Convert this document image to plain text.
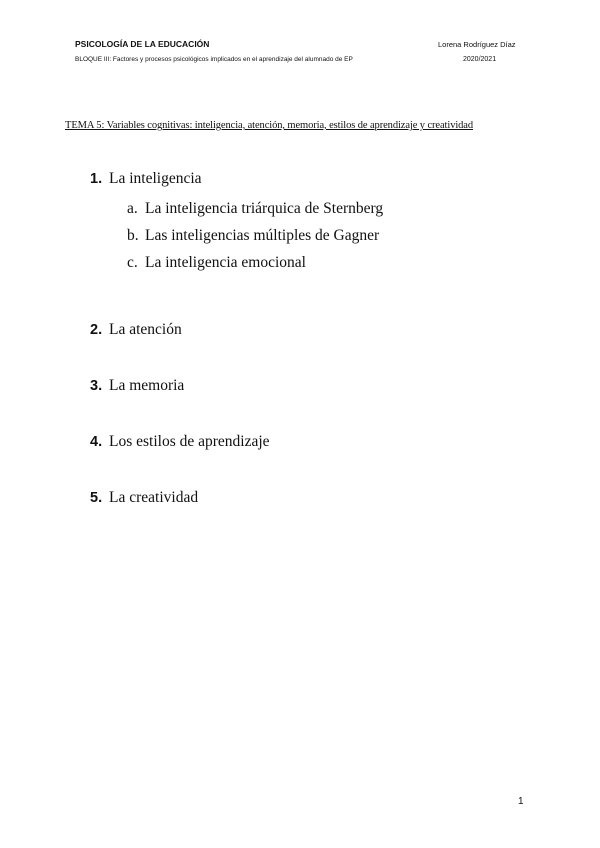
PSICOLOGÍA DE LA EDUCACIÓN	Lorena Rodríguez Díaz
BLOQUE III: Factores y procesos psicológicos implicados en el aprendizaje del alumnado de EP	2020/2021
TEMA 5: Variables cognitivas: inteligencia, atención, memoria, estilos de aprendizaje y creatividad
1. La inteligencia
a. La inteligencia triárquica de Sternberg
b. Las inteligencias múltiples de Gagner
c. La inteligencia emocional
2. La atención
3. La memoria
4. Los estilos de aprendizaje
5. La creatividad
1
